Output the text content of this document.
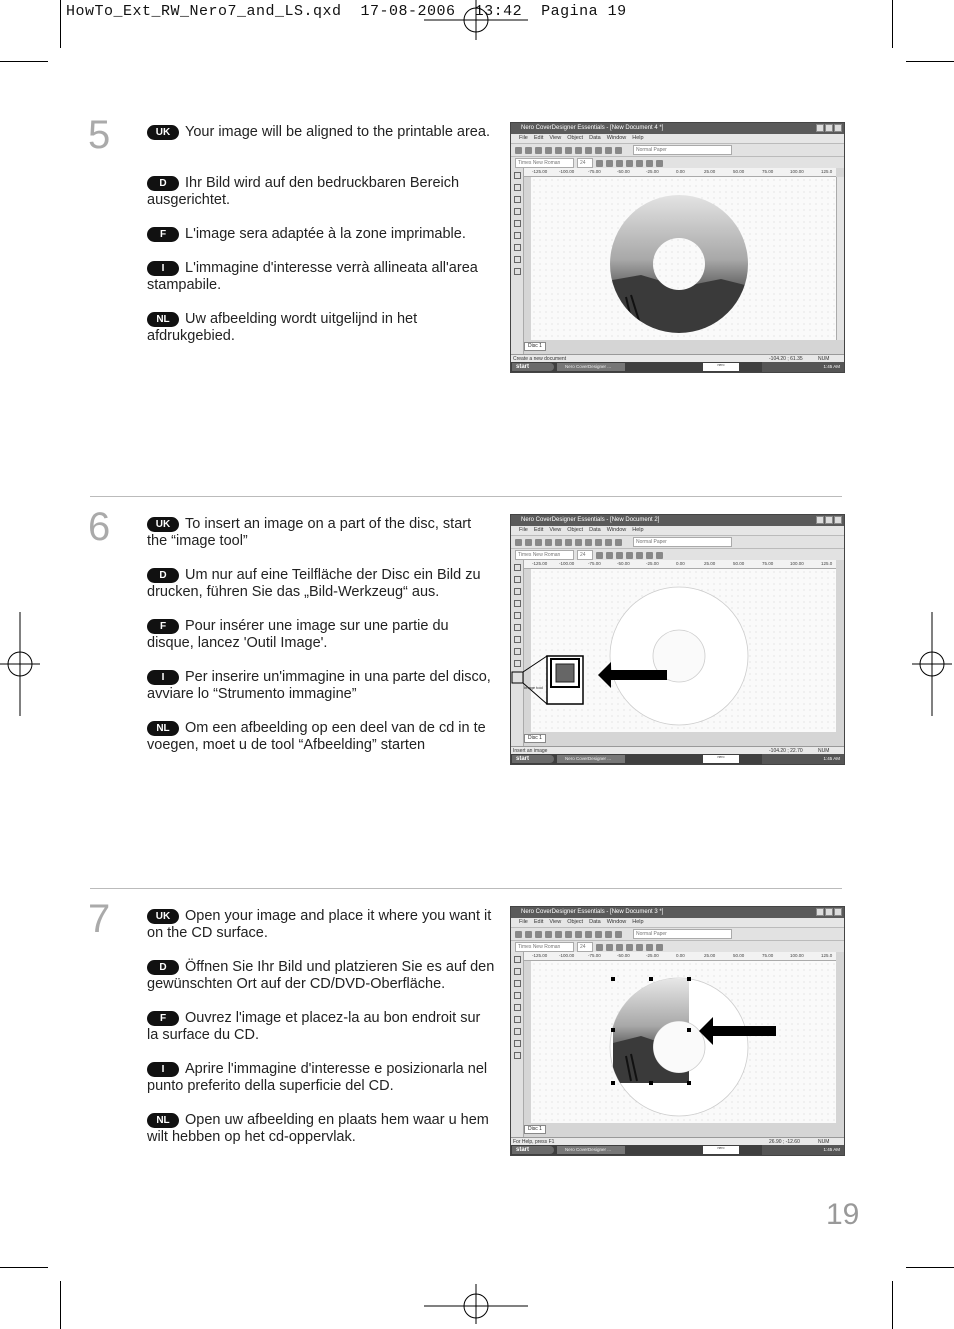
HowTo_Ext_RW_Nero7_and_LS.qxd  17-08-2006  13:42  Pagina 19
5	UK Your image will be aligned to the printable area.
D Ihr Bild wird auf den bedruckbaren Bereich ausgerichtet.
F L'image sera adaptée à la zone imprimable.
I L'immagine d'interesse verrà allineata all'area stampabile.
NL Uw afbeelding wordt uitgelijnd in het afdrukgebied.
Nero CoverDesigner Essentials - [New Document 4 *]
File Edit View Object Data Window Help
Normal Paper
Times New Roman	24
-125.00	-100.00	-75.00	-50.00	-25.00	0.00	25.00	50.00	75.00	100.00	125.0
Disc 1
Create a new document	-104.20 ; 61.35	NUM
start	Nero CoverDesigner ...	nero	1:45 AM
6	UK To insert an image on a part of the disc, start the “image tool”
D Um nur auf eine Teilfläche der Disc ein Bild zu drucken, führen Sie das „Bild-Werkzeug“ aus.
F Pour insérer une image sur une partie du disque, lancez 'Outil Image'.
I Per inserire un'immagine in una parte del disco, avviare lo “Strumento immagine”
NL Om een afbeelding op een deel van de cd in te voegen, moet u de tool “Afbeelding” starten
Nero CoverDesigner Essentials - [New Document 2]
File Edit View Object Data Window Help
Normal Paper
Times New Roman	24
-125.00	-100.00	-75.00	-50.00	-25.00	0.00	25.00	50.00	75.00	100.00	125.0
Disc 1
Insert an image	-104.20 ; 22.70	NUM
start	Nero CoverDesigner ...	nero	1:45 AM
Image tool
7	UK Open your image and place it where you want it on the CD surface.
D Öffnen Sie Ihr Bild und platzieren Sie es auf den gewünschten Ort auf der CD/DVD-Oberfläche.
F Ouvrez l'image et placez-la au bon endroit sur la surface du CD.
I Aprire l'immagine d'interesse e posizionarla nel punto preferito della superficie del CD.
NL Open uw afbeelding en plaats hem waar u hem wilt hebben op het cd-oppervlak.
Nero CoverDesigner Essentials - [New Document 3 *]
File Edit View Object Data Window Help
Normal Paper
Times New Roman	24
-125.00	-100.00	-75.00	-50.00	-25.00	0.00	25.00	50.00	75.00	100.00	125.0
Disc 1
For Help, press F1	26.90 ; -12.60	NUM
start	Nero CoverDesigner ...	nero	1:45 AM
19
